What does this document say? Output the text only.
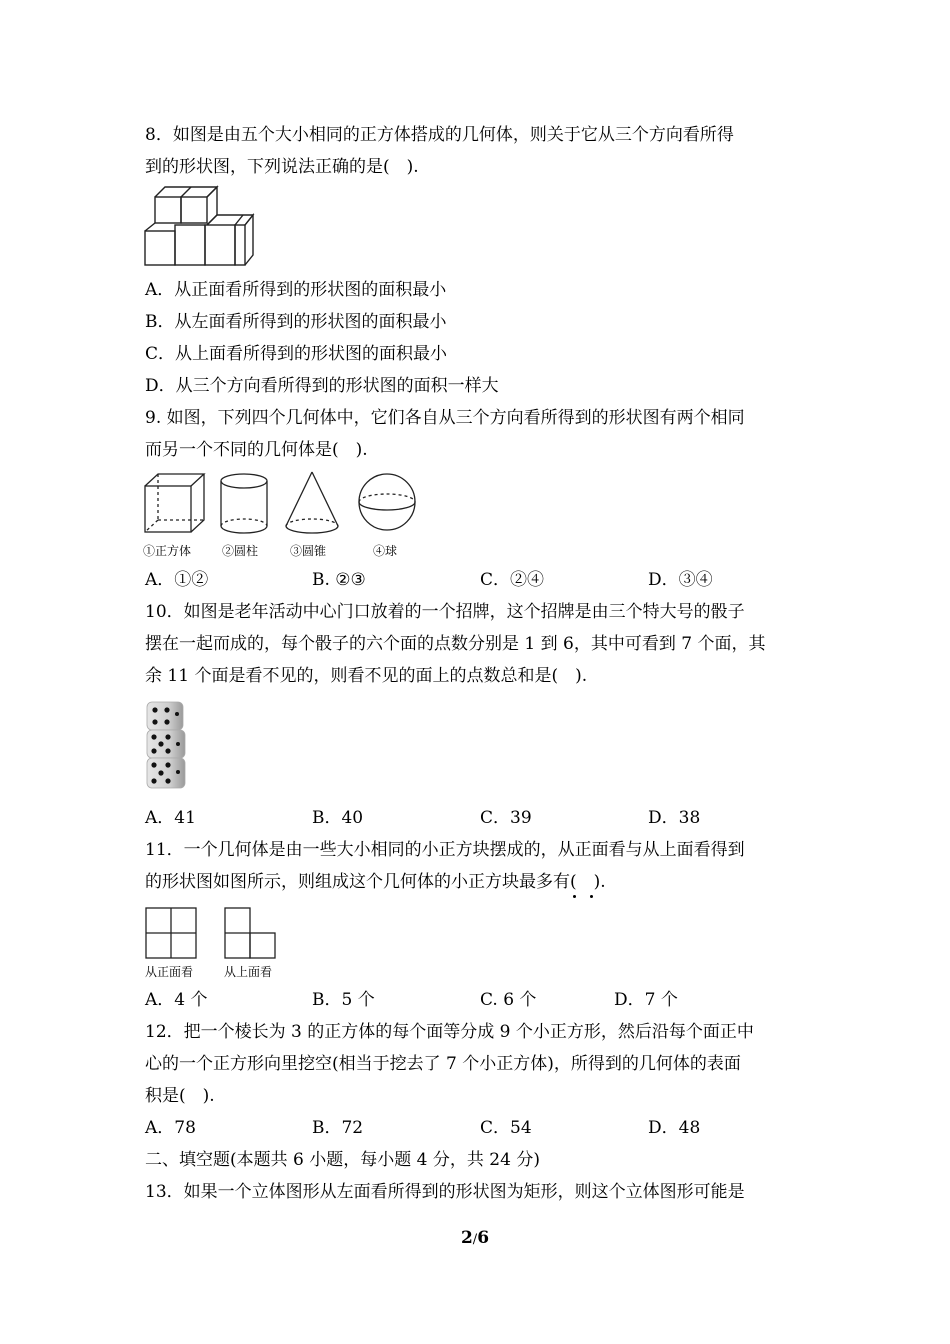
8．如图是由五个大小相同的正方体搭成的几何体，则关于它从三个方向看所得
到的形状图，下列说法正确的是(　).
A．从正面看所得到的形状图的面积最小
B．从左面看所得到的形状图的面积最小
C．从上面看所得到的形状图的面积最小
D．从三个方向看所得到的形状图的面积一样大
9. 如图，下列四个几何体中，它们各自从三个方向看所得到的形状图有两个相同
而另一个不同的几何体是(　).
①正方体	②圆柱	③圆锥	④球
A．①②	B. ②③	C．②④	D．③④
10．如图是老年活动中心门口放着的一个招牌，这个招牌是由三个特大号的骰子
摆在一起而成的，每个骰子的六个面的点数分别是 1 到 6，其中可看到 7 个面，其
余 11 个面是看不见的，则看不见的面上的点数总和是(　).
A．41	B．40	C．39	D．38
11．一个几何体是由一些大小相同的小正方块摆成的，从正面看与从上面看得到
的形状图如图所示，则组成这个几何体的小正方块最多有(　).
从正面看	从上面看
A．4 个	B．5 个	C. 6 个	D．7 个
12．把一个棱长为 3 的正方体的每个面等分成 9 个小正方形，然后沿每个面正中
心的一个正方形向里挖空(相当于挖去了 7 个小正方体)，所得到的几何体的表面
积是(　).
A．78	B．72	C．54	D．48
二、填空题(本题共 6 小题，每小题 4 分，共 24 分)
13．如果一个立体图形从左面看所得到的形状图为矩形，则这个立体图形可能是
2/6
